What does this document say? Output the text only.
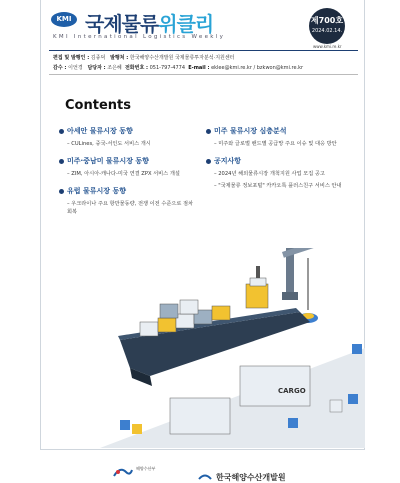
KMI 국제물류위클리
KMI International Logistics Weekly
제700호
2024.02.14.
www.kmi.re.kr
편집 및 발행인 : 김종덕 발행처 : 한국해양수산개발원 국제물류투자분석·지원센터
감수 : 이언경 담당자 : 조은혜 전화번호 : 051-797-4774 E-mail : eklee@kmi.re.kr / bzkwon@kmi.re.kr
Contents
아세안 물류시장 동향
– CULines, 중국-서인도 서비스 개시
미주·중남미 물류시장 동향
– ZIM, 아시아-캐나다-미국 연결 ZPX 서비스 개설
유럽 물류시장 동향
– 우크라이나 주요 항만물동량, 전쟁 이전 수준으로 점차 회복
미주 물류시장 심층분석
– 미주와 글로벌 밴드별 공급망 주요 이슈 및 대응 방안
공지사항
– 2024년 해외물류시장 개척지원 사업 모집 공고
– "국제물류 정보포털" 카카오톡 플러스친구 서비스 안내
CARGO
해양수산부
한국해양수산개발원
